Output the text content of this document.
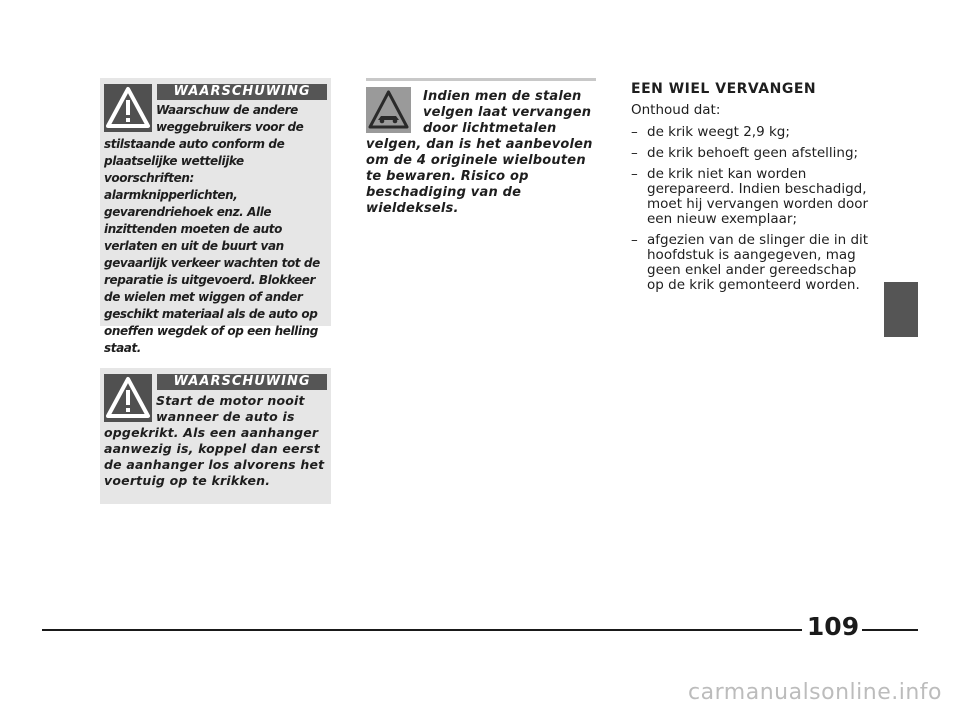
WAARSCHUWING
Waarschuw de andere weggebruikers voor de stilstaande auto conform de plaatselijke wettelijke voorschriften: alarmknipperlichten, gevarendriehoek enz. Alle inzittenden moeten de auto verlaten en uit de buurt van gevaarlijk verkeer wachten tot de reparatie is uitgevoerd. Blokkeer de wielen met wiggen of ander geschikt materiaal als de auto op oneffen wegdek of op een helling staat.
WAARSCHUWING
Start de motor nooit wanneer de auto is opgekrikt. Als een aanhanger aanwezig is, koppel dan eerst de aanhanger los alvorens het voertuig op te krikken.
Indien men de stalen velgen laat vervangen door lichtmetalen velgen, dan is het aanbevolen om de 4 originele wielbouten te bewaren. Risico op beschadiging van de wieldeksels.
EEN WIEL VERVANGEN
Onthoud dat:
– de krik weegt 2,9 kg;
– de krik behoeft geen afstelling;
– de krik niet kan worden gerepareerd. Indien beschadigd, moet hij vervangen worden door een nieuw exemplaar;
– afgezien van de slinger die in dit hoofdstuk is aangegeven, mag geen enkel ander gereedschap op de krik gemonteerd worden.
109
carmanualsonline.info
